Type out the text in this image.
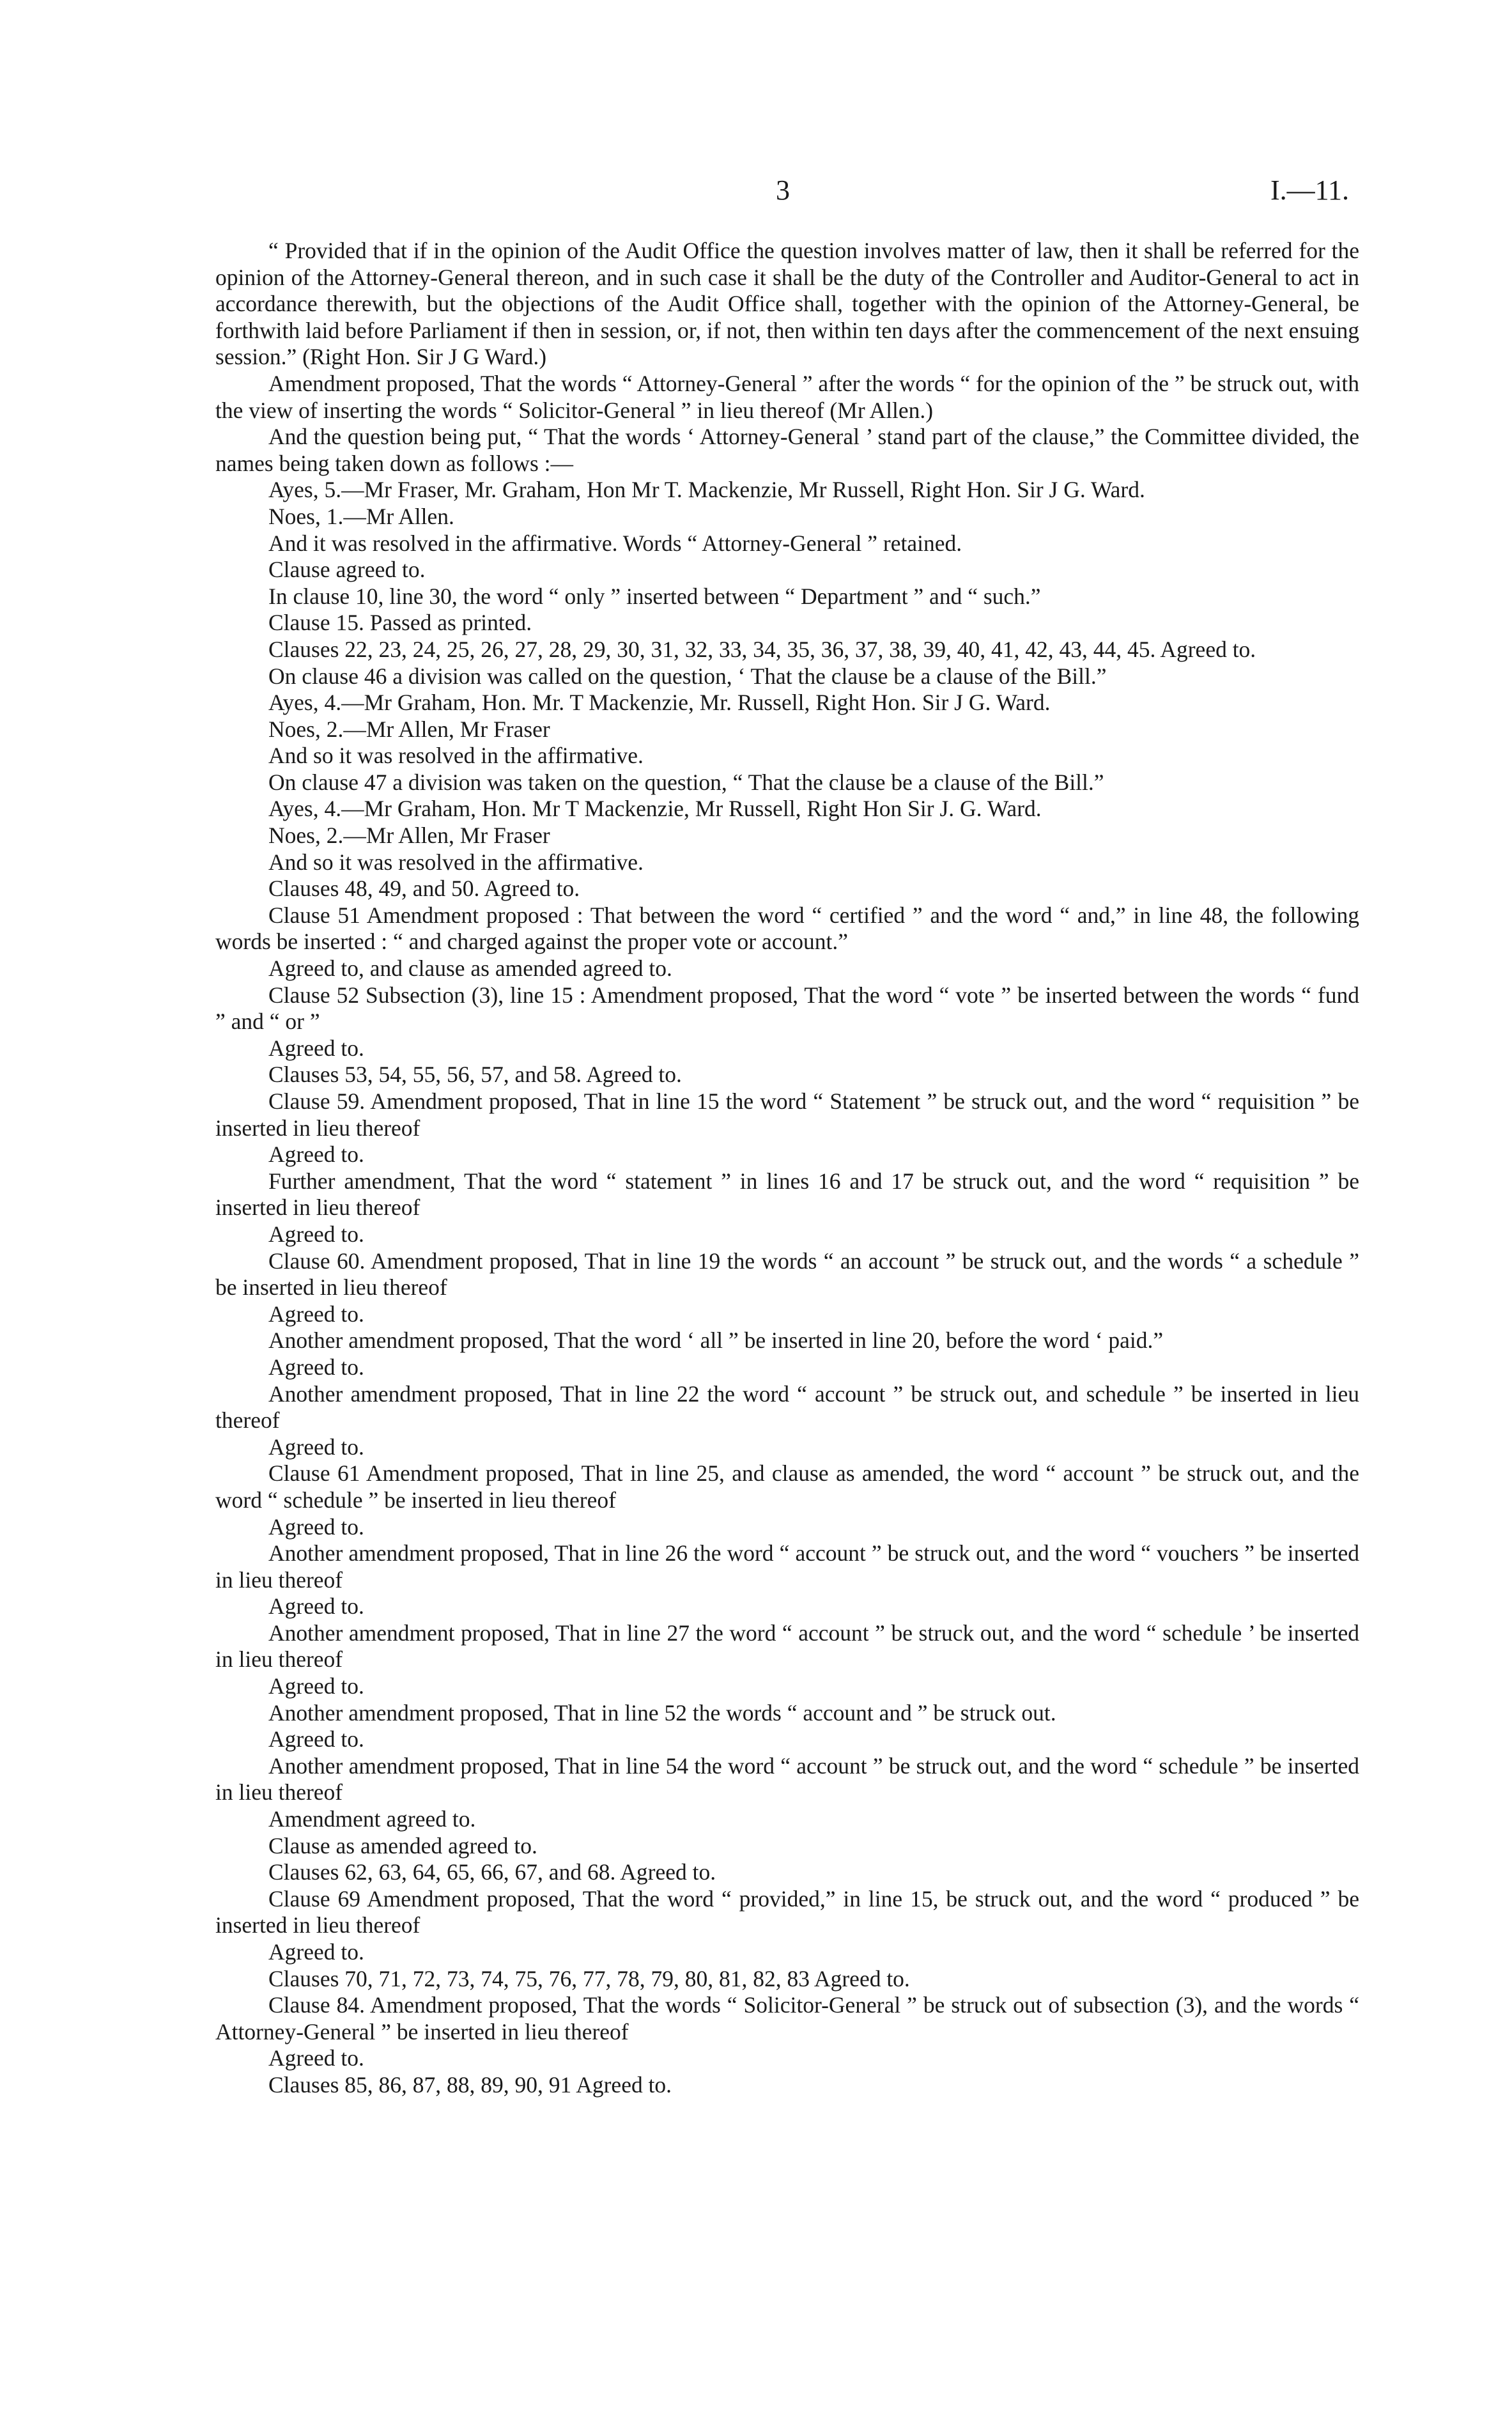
3	I.—11.

“ Provided that if in the opinion of the Audit Office the question involves matter of law, then it shall be referred for the opinion of the Attorney-General thereon, and in such case it shall be the duty of the Controller and Auditor-General to act in accordance therewith, but the objections of the Audit Office shall, together with the opinion of the Attorney-General, be forthwith laid before Parliament if then in session, or, if not, then within ten days after the commencement of the next ensuing session.” (Right Hon. Sir J G Ward.)

Amendment proposed, That the words “ Attorney-General ” after the words “ for the opinion of the ” be struck out, with the view of inserting the words “ Solicitor-General ” in lieu thereof (Mr Allen.)

And the question being put, “ That the words ‘ Attorney-General ’ stand part of the clause,” the Committee divided, the names being taken down as follows :—

Ayes, 5.—Mr Fraser, Mr. Graham, Hon Mr T. Mackenzie, Mr Russell, Right Hon. Sir J G. Ward.

Noes, 1.—Mr Allen.

And it was resolved in the affirmative. Words “ Attorney-General ” retained.

Clause agreed to.

In clause 10, line 30, the word “ only ” inserted between “ Department ” and “ such.”

Clause 15. Passed as printed.

Clauses 22, 23, 24, 25, 26, 27, 28, 29, 30, 31, 32, 33, 34, 35, 36, 37, 38, 39, 40, 41, 42, 43, 44, 45. Agreed to.

On clause 46 a division was called on the question, ‘ That the clause be a clause of the Bill.”

Ayes, 4.—Mr Graham, Hon. Mr. T Mackenzie, Mr. Russell, Right Hon. Sir J G. Ward.

Noes, 2.—Mr Allen, Mr Fraser

And so it was resolved in the affirmative.

On clause 47 a division was taken on the question, “ That the clause be a clause of the Bill.”

Ayes, 4.—Mr Graham, Hon. Mr T Mackenzie, Mr Russell, Right Hon Sir J. G. Ward.

Noes, 2.—Mr Allen, Mr Fraser

And so it was resolved in the affirmative.

Clauses 48, 49, and 50. Agreed to.

Clause 51 Amendment proposed : That between the word “ certified ” and the word “ and,” in line 48, the following words be inserted : “ and charged against the proper vote or account.”

Agreed to, and clause as amended agreed to.

Clause 52 Subsection (3), line 15 : Amendment proposed, That the word “ vote ” be inserted between the words “ fund ” and “ or ”

Agreed to.

Clauses 53, 54, 55, 56, 57, and 58. Agreed to.

Clause 59. Amendment proposed, That in line 15 the word “ Statement ” be struck out, and the word “ requisition ” be inserted in lieu thereof

Agreed to.

Further amendment, That the word “ statement ” in lines 16 and 17 be struck out, and the word “ requisition ” be inserted in lieu thereof

Agreed to.

Clause 60. Amendment proposed, That in line 19 the words “ an account ” be struck out, and the words “ a schedule ” be inserted in lieu thereof

Agreed to.

Another amendment proposed, That the word ‘ all ” be inserted in line 20, before the word ‘ paid.”

Agreed to.

Another amendment proposed, That in line 22 the word “ account ” be struck out, and schedule ” be inserted in lieu thereof

Agreed to.

Clause 61 Amendment proposed, That in line 25, and clause as amended, the word “ account ” be struck out, and the word “ schedule ” be inserted in lieu thereof

Agreed to.

Another amendment proposed, That in line 26 the word “ account ” be struck out, and the word “ vouchers ” be inserted in lieu thereof

Agreed to.

Another amendment proposed, That in line 27 the word “ account ” be struck out, and the word “ schedule ’ be inserted in lieu thereof

Agreed to.

Another amendment proposed, That in line 52 the words “ account and ” be struck out.

Agreed to.

Another amendment proposed, That in line 54 the word “ account ” be struck out, and the word “ schedule ” be inserted in lieu thereof

Amendment agreed to.

Clause as amended agreed to.

Clauses 62, 63, 64, 65, 66, 67, and 68. Agreed to.

Clause 69 Amendment proposed, That the word “ provided,” in line 15, be struck out, and the word “ produced ” be inserted in lieu thereof

Agreed to.

Clauses 70, 71, 72, 73, 74, 75, 76, 77, 78, 79, 80, 81, 82, 83 Agreed to.

Clause 84. Amendment proposed, That the words “ Solicitor-General ” be struck out of subsection (3), and the words “ Attorney-General ” be inserted in lieu thereof

Agreed to.

Clauses 85, 86, 87, 88, 89, 90, 91 Agreed to.
